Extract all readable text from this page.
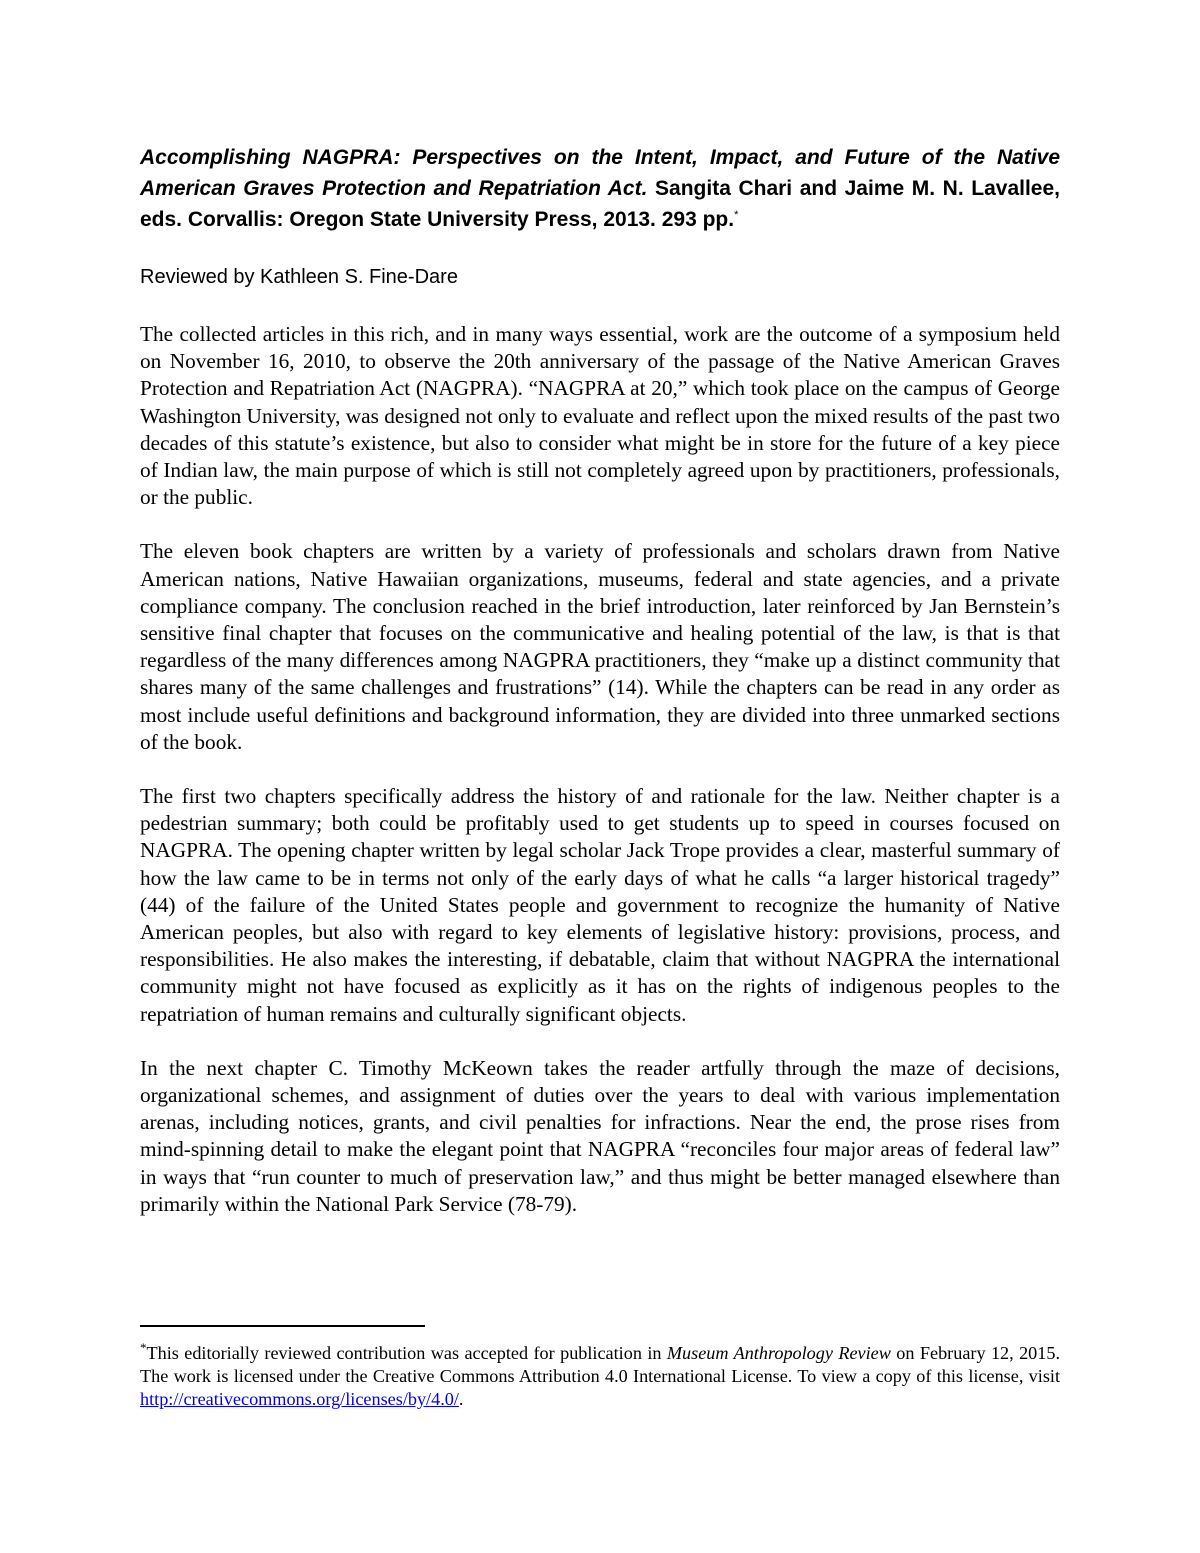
Accomplishing NAGPRA: Perspectives on the Intent, Impact, and Future of the Native American Graves Protection and Repatriation Act. Sangita Chari and Jaime M. N. Lavallee, eds. Corvallis: Oregon State University Press, 2013. 293 pp.*

Reviewed by Kathleen S. Fine-Dare

The collected articles in this rich, and in many ways essential, work are the outcome of a symposium held on November 16, 2010, to observe the 20th anniversary of the passage of the Native American Graves Protection and Repatriation Act (NAGPRA). “NAGPRA at 20,” which took place on the campus of George Washington University, was designed not only to evaluate and reflect upon the mixed results of the past two decades of this statute’s existence, but also to consider what might be in store for the future of a key piece of Indian law, the main purpose of which is still not completely agreed upon by practitioners, professionals, or the public.

The eleven book chapters are written by a variety of professionals and scholars drawn from Native American nations, Native Hawaiian organizations, museums, federal and state agencies, and a private compliance company. The conclusion reached in the brief introduction, later reinforced by Jan Bernstein’s sensitive final chapter that focuses on the communicative and healing potential of the law, is that is that regardless of the many differences among NAGPRA practitioners, they “make up a distinct community that shares many of the same challenges and frustrations” (14). While the chapters can be read in any order as most include useful definitions and background information, they are divided into three unmarked sections of the book.

The first two chapters specifically address the history of and rationale for the law. Neither chapter is a pedestrian summary; both could be profitably used to get students up to speed in courses focused on NAGPRA. The opening chapter written by legal scholar Jack Trope provides a clear, masterful summary of how the law came to be in terms not only of the early days of what he calls “a larger historical tragedy” (44) of the failure of the United States people and government to recognize the humanity of Native American peoples, but also with regard to key elements of legislative history: provisions, process, and responsibilities. He also makes the interesting, if debatable, claim that without NAGPRA the international community might not have focused as explicitly as it has on the rights of indigenous peoples to the repatriation of human remains and culturally significant objects.

In the next chapter C. Timothy McKeown takes the reader artfully through the maze of decisions, organizational schemes, and assignment of duties over the years to deal with various implementation arenas, including notices, grants, and civil penalties for infractions. Near the end, the prose rises from mind-spinning detail to make the elegant point that NAGPRA “reconciles four major areas of federal law” in ways that “run counter to much of preservation law,” and thus might be better managed elsewhere than primarily within the National Park Service (78-79).

*This editorially reviewed contribution was accepted for publication in Museum Anthropology Review on February 12, 2015. The work is licensed under the Creative Commons Attribution 4.0 International License. To view a copy of this license, visit http://creativecommons.org/licenses/by/4.0/.
